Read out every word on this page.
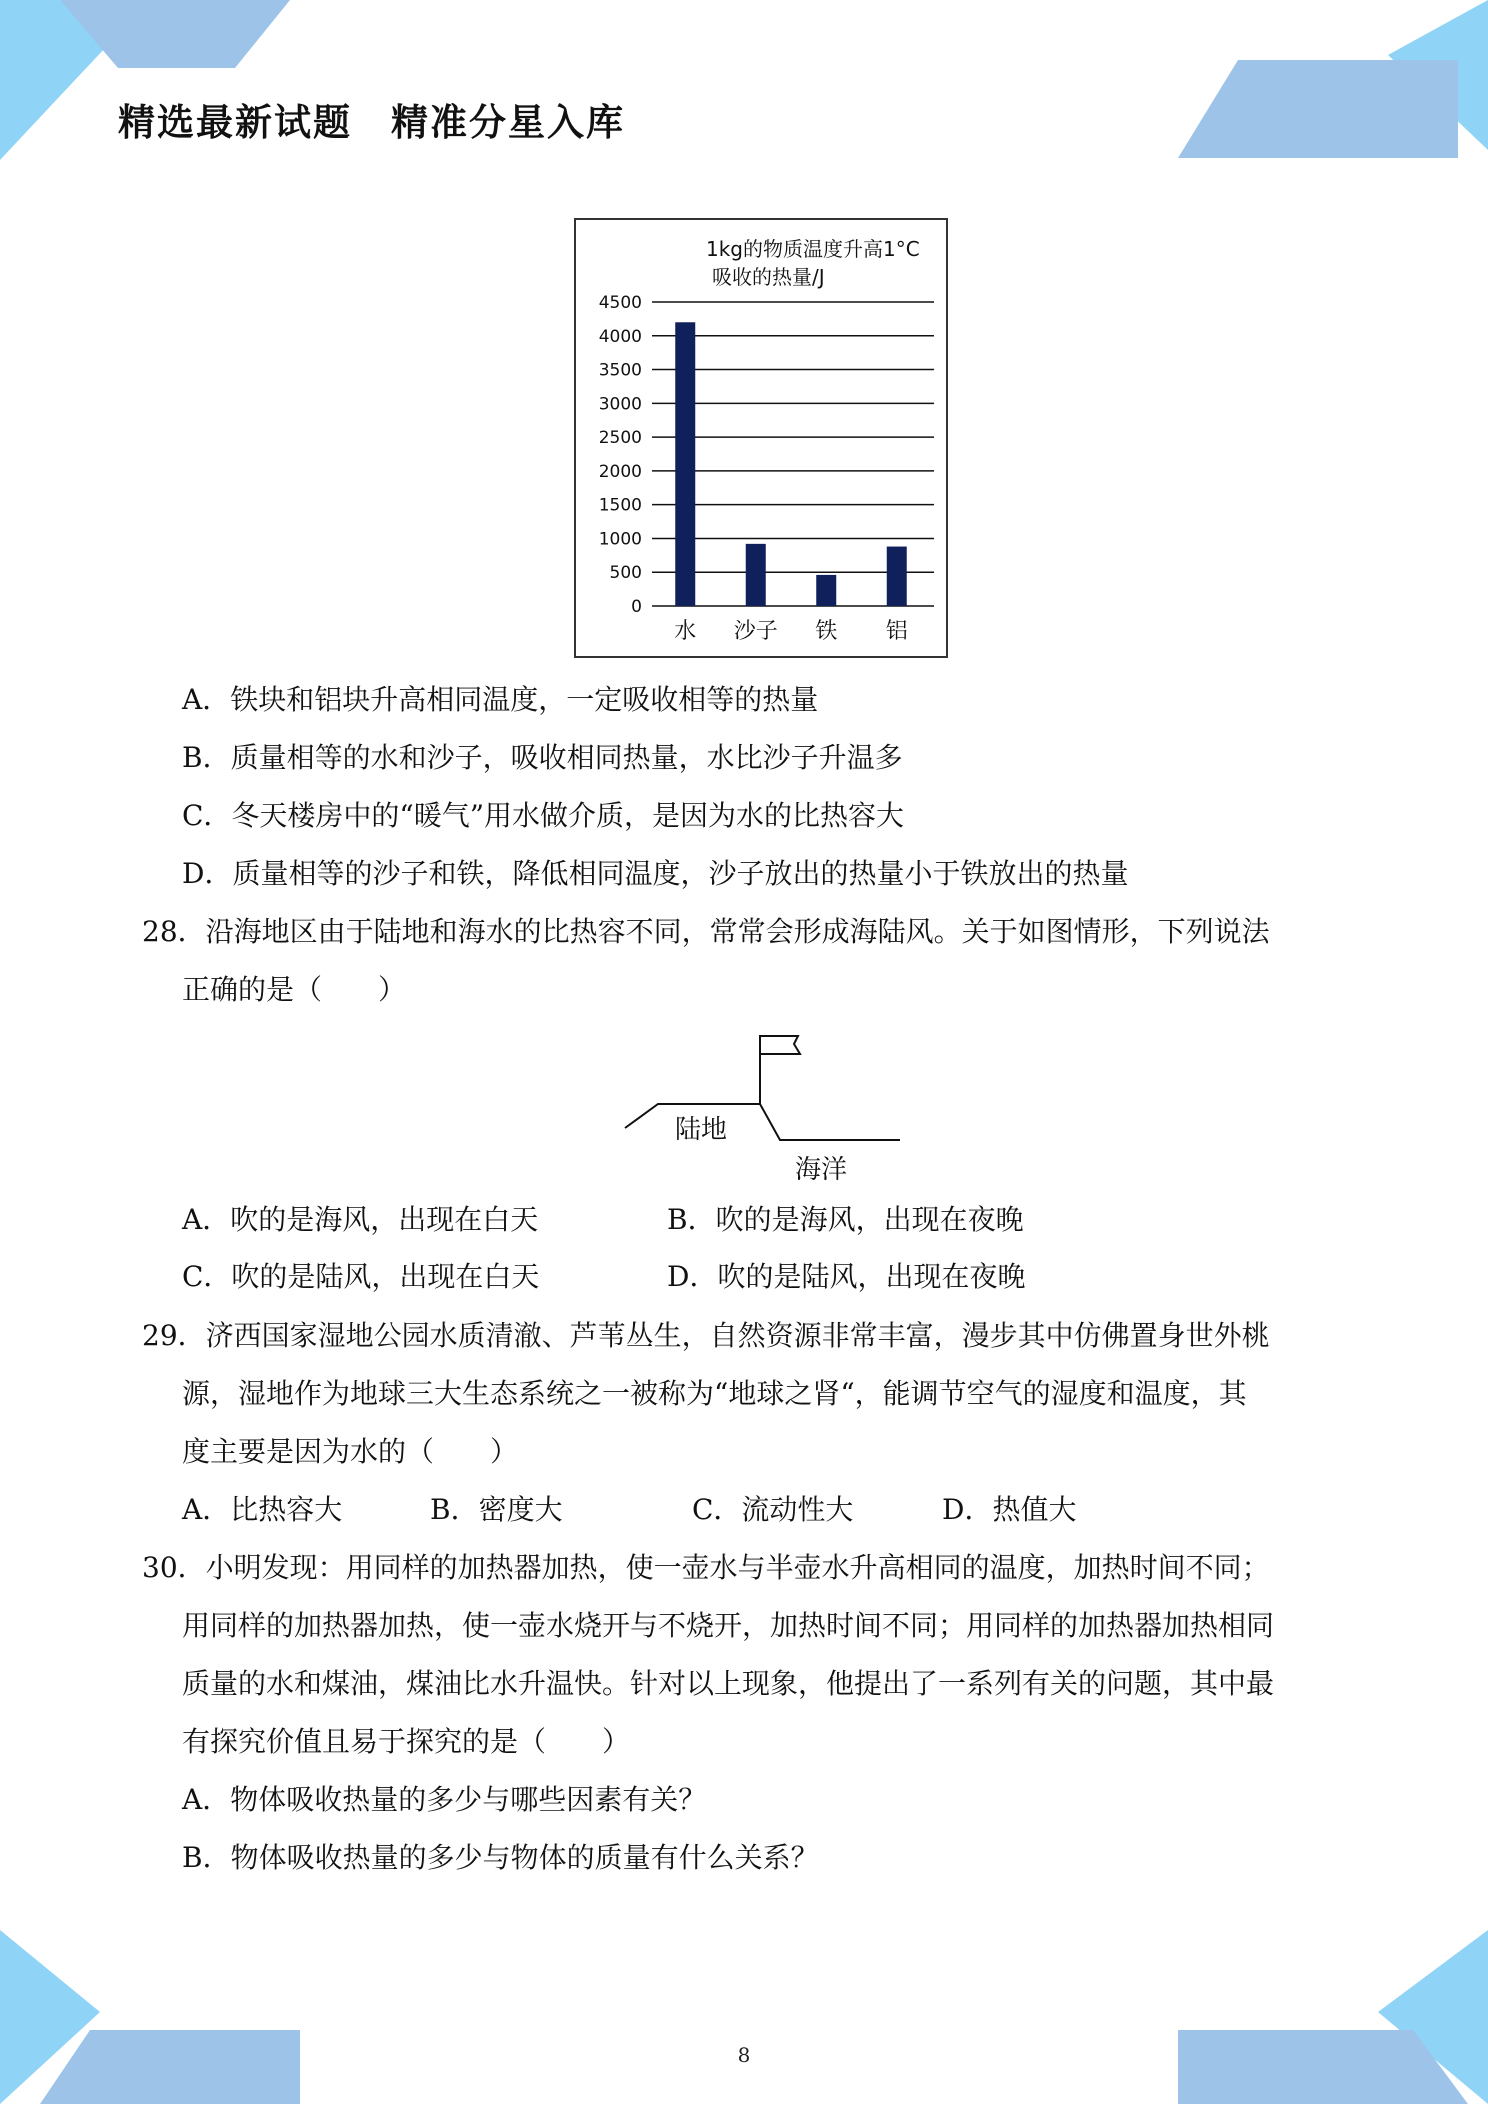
精选最新试题　精准分星入库
1kg的物质温度升高1°C
吸收的热量/J
0
500
1000
1500
2000
2500
3000
3500
4000
4500
水 沙子 铁 铝
A．铁块和铝块升高相同温度，一定吸收相等的热量
B．质量相等的水和沙子，吸收相同热量，水比沙子升温多
C．冬天楼房中的“暖气”用水做介质，是因为水的比热容大
D．质量相等的沙子和铁，降低相同温度，沙子放出的热量小于铁放出的热量
28．沿海地区由于陆地和海水的比热容不同，常常会形成海陆风。关于如图情形，下列说法
正确的是（　　）
陆地
海洋
A．吹的是海风，出现在白天	B．吹的是海风，出现在夜晚
C．吹的是陆风，出现在白天	D．吹的是陆风，出现在夜晚
29．济西国家湿地公园水质清澈、芦苇丛生，自然资源非常丰富，漫步其中仿佛置身世外桃
源，湿地作为地球三大生态系统之一被称为“地球之肾“，能调节空气的湿度和温度，其
度主要是因为水的（　　）
A．比热容大	B．密度大	C．流动性大	D．热值大
30．小明发现：用同样的加热器加热，使一壶水与半壶水升高相同的温度，加热时间不同；
用同样的加热器加热，使一壶水烧开与不烧开，加热时间不同；用同样的加热器加热相同
质量的水和煤油，煤油比水升温快。针对以上现象，他提出了一系列有关的问题，其中最
有探究价值且易于探究的是（　　）
A．物体吸收热量的多少与哪些因素有关？
B．物体吸收热量的多少与物体的质量有什么关系？
8
